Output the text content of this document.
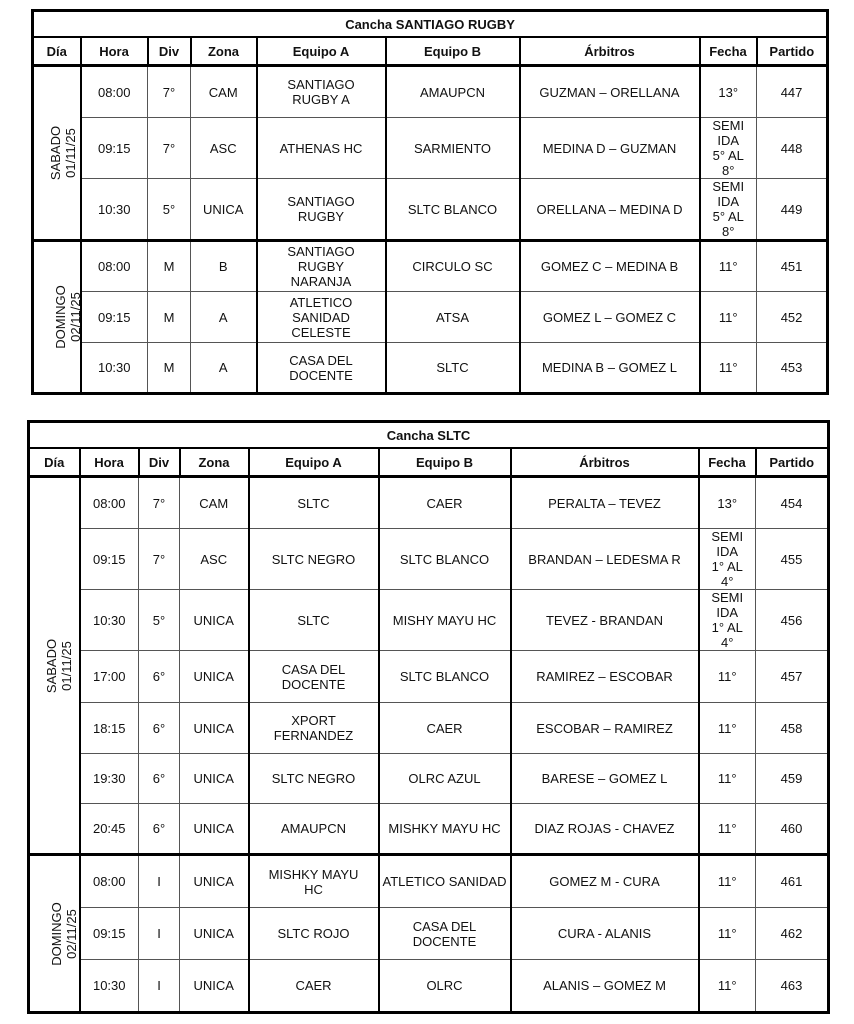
Cancha SANTIAGO RUGBY								
Día	Hora	Div	Zona	Equipo A	Equipo B	Árbitros	Fecha	Partido
SABADO
01/11/25	08:00	7°	CAM	SANTIAGO RUGBY A	AMAUPCN	GUZMAN – ORELLANA	13°	447
	09:15	7°	ASC	ATHENAS HC	SARMIENTO	MEDINA D – GUZMAN	SEMI IDA 5° AL 8°	448
	10:30	5°	UNICA	SANTIAGO RUGBY	SLTC BLANCO	ORELLANA – MEDINA D	SEMI IDA 5° AL 8°	449
DOMINGO
02/11/25	08:00	M	B	SANTIAGO RUGBY NARANJA	CIRCULO SC	GOMEZ C – MEDINA B	11°	451
	09:15	M	A	ATLETICO SANIDAD CELESTE	ATSA	GOMEZ L – GOMEZ C	11°	452
	10:30	M	A	CASA DEL DOCENTE	SLTC	MEDINA B – GOMEZ L	11°	453
Cancha SLTC								
Día	Hora	Div	Zona	Equipo A	Equipo B	Árbitros	Fecha	Partido
SABADO
01/11/25	08:00	7°	CAM	SLTC	CAER	PERALTA – TEVEZ	13°	454
	09:15	7°	ASC	SLTC NEGRO	SLTC BLANCO	BRANDAN – LEDESMA R	SEMI IDA 1° AL 4°	455
	10:30	5°	UNICA	SLTC	MISHY MAYU HC	TEVEZ - BRANDAN	SEMI IDA 1° AL 4°	456
	17:00	6°	UNICA	CASA DEL DOCENTE	SLTC BLANCO	RAMIREZ – ESCOBAR	11°	457
	18:15	6°	UNICA	XPORT FERNANDEZ	CAER	ESCOBAR – RAMIREZ	11°	458
	19:30	6°	UNICA	SLTC NEGRO	OLRC AZUL	BARESE – GOMEZ L	11°	459
	20:45	6°	UNICA	AMAUPCN	MISHKY MAYU HC	DIAZ ROJAS - CHAVEZ	11°	460
DOMINGO
02/11/25	08:00	I	UNICA	MISHKY MAYU HC	ATLETICO SANIDAD	GOMEZ M - CURA	11°	461
	09:15	I	UNICA	SLTC ROJO	CASA DEL DOCENTE	CURA - ALANIS	11°	462
	10:30	I	UNICA	CAER	OLRC	ALANIS – GOMEZ M	11°	463
